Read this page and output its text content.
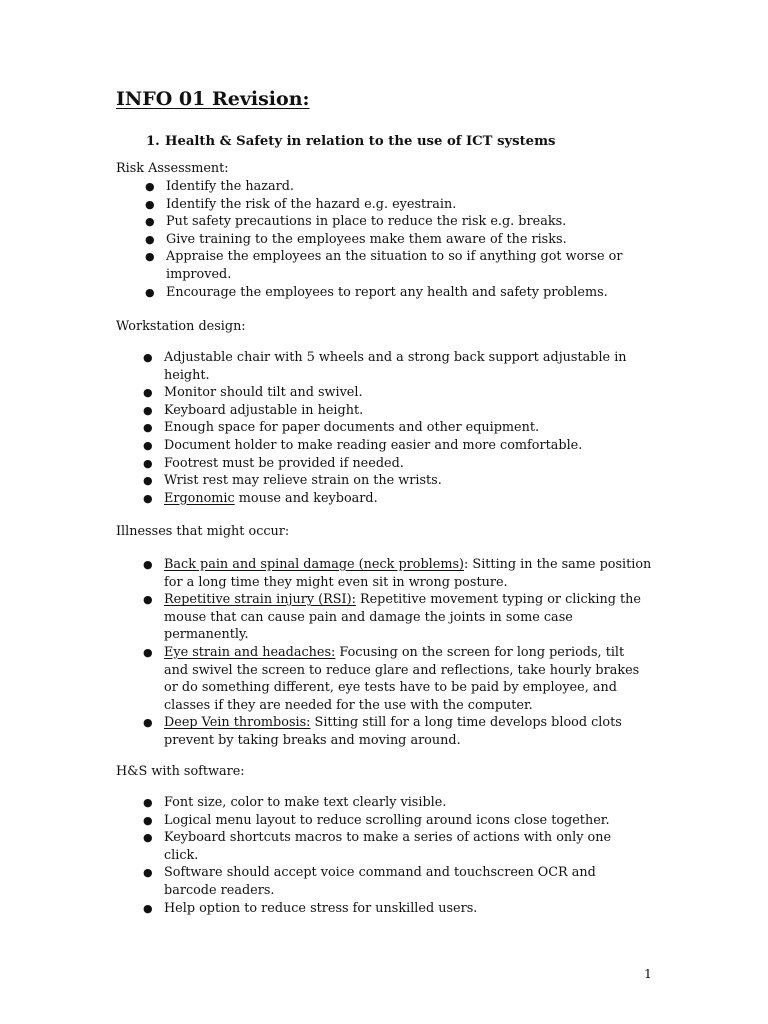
INFO 01 Revision:
1. Health & Safety in relation to the use of ICT systems
Risk Assessment:
● Identify the hazard.
● Identify the risk of the hazard e.g. eyestrain.
● Put safety precautions in place to reduce the risk e.g. breaks.
● Give training to the employees make them aware of the risks.
● Appraise the employees an the situation to so if anything got worse or improved.
● Encourage the employees to report any health and safety problems.
Workstation design:
● Adjustable chair with 5 wheels and a strong back support adjustable in height.
● Monitor should tilt and swivel.
● Keyboard adjustable in height.
● Enough space for paper documents and other equipment.
● Document holder to make reading easier and more comfortable.
● Footrest must be provided if needed.
● Wrist rest may relieve strain on the wrists.
● Ergonomic mouse and keyboard.
Illnesses that might occur:
● Back pain and spinal damage (neck problems): Sitting in the same position for a long time they might even sit in wrong posture.
● Repetitive strain injury (RSI): Repetitive movement typing or clicking the mouse that can cause pain and damage the joints in some case permanently.
● Eye strain and headaches: Focusing on the screen for long periods, tilt and swivel the screen to reduce glare and reflections, take hourly brakes or do something different, eye tests have to be paid by employee, and classes if they are needed for the use with the computer.
● Deep Vein thrombosis: Sitting still for a long time develops blood clots prevent by taking breaks and moving around.
H&S with software:
● Font size, color to make text clearly visible.
● Logical menu layout to reduce scrolling around icons close together.
● Keyboard shortcuts macros to make a series of actions with only one click.
● Software should accept voice command and touchscreen OCR and barcode readers.
● Help option to reduce stress for unskilled users.
1
